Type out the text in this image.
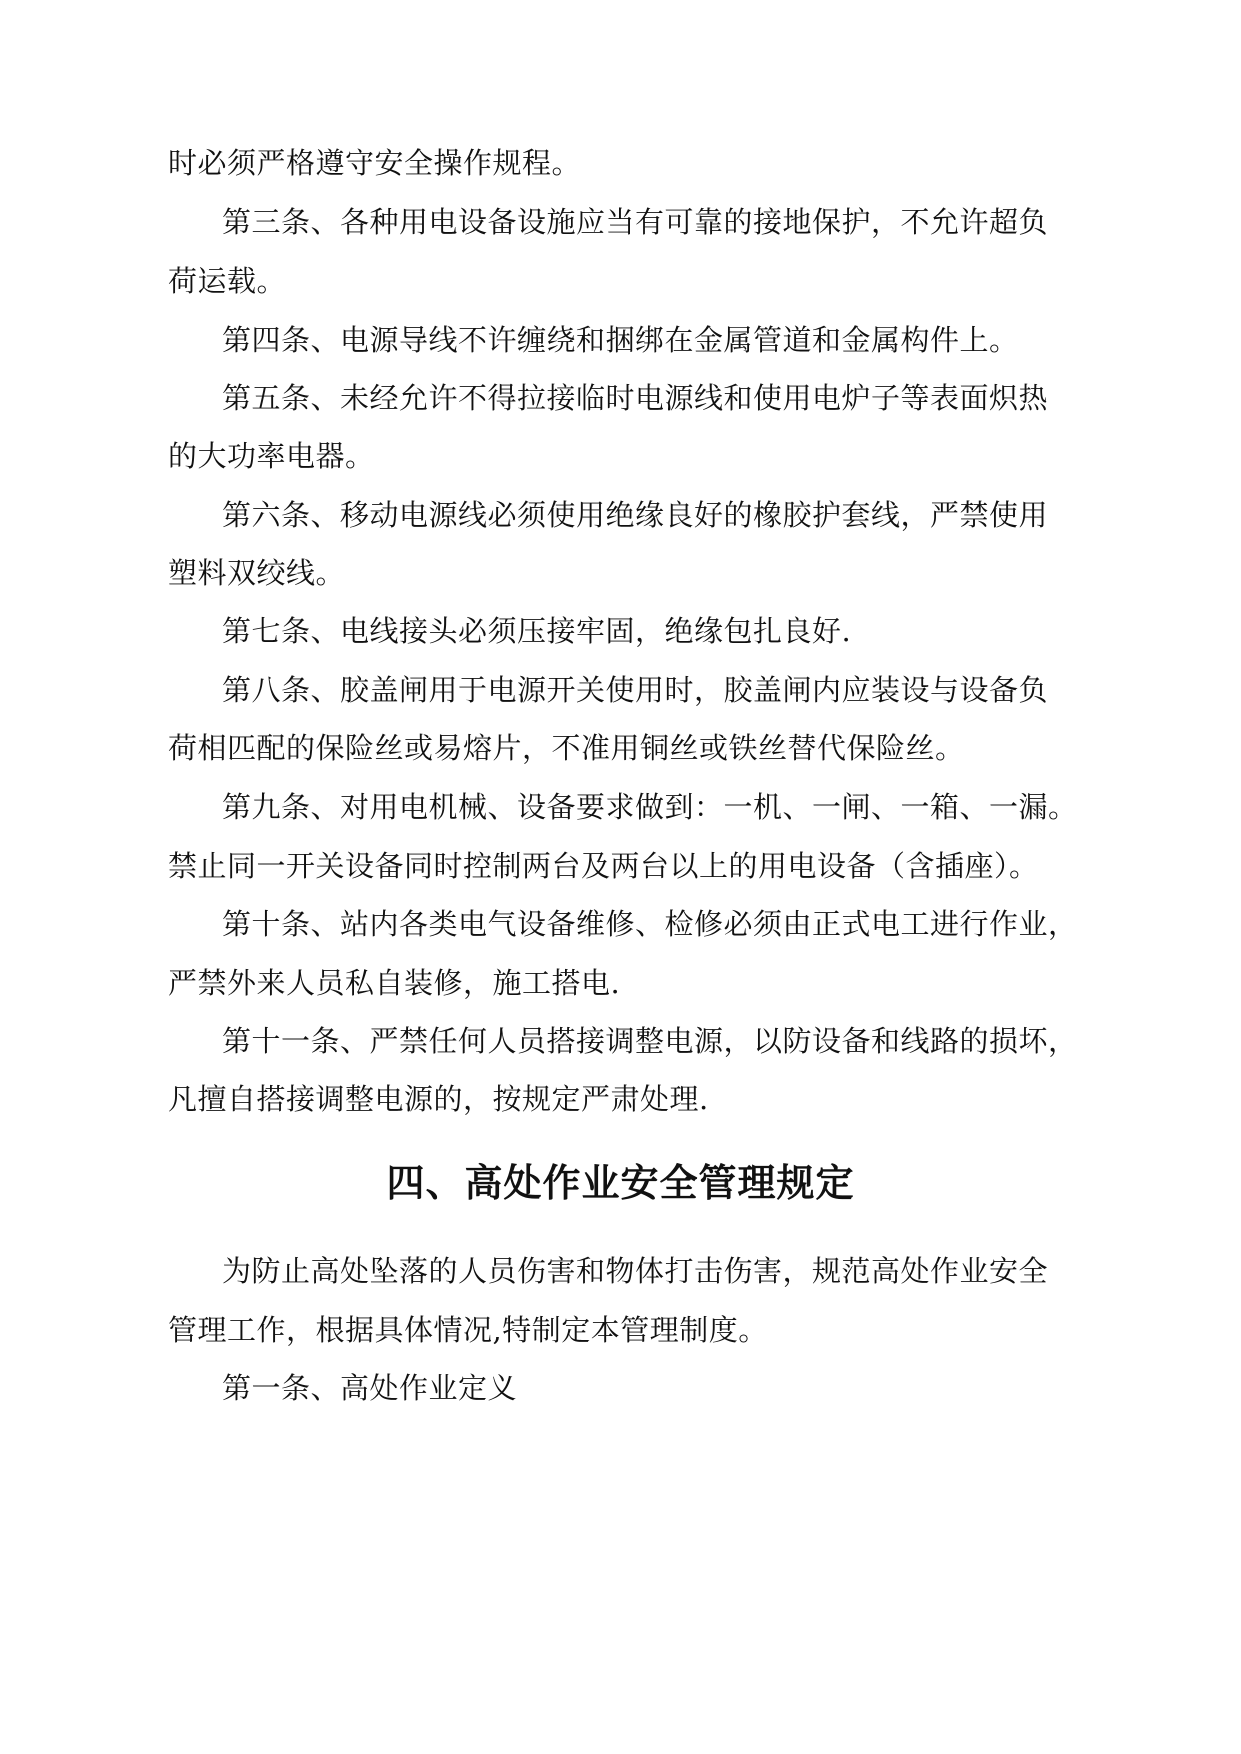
时必须严格遵守安全操作规程。
第三条、各种用电设备设施应当有可靠的接地保护，不允许超负
荷运载。
第四条、电源导线不许缠绕和捆绑在金属管道和金属构件上。
第五条、未经允许不得拉接临时电源线和使用电炉子等表面炽热
的大功率电器。
第六条、移动电源线必须使用绝缘良好的橡胶护套线，严禁使用
塑料双绞线。
第七条、电线接头必须压接牢固，绝缘包扎良好.
第八条、胶盖闸用于电源开关使用时，胶盖闸内应装设与设备负
荷相匹配的保险丝或易熔片，不准用铜丝或铁丝替代保险丝。
第九条、对用电机械、设备要求做到：一机、一闸、一箱、一漏。
禁止同一开关设备同时控制两台及两台以上的用电设备（含插座）。
第十条、站内各类电气设备维修、检修必须由正式电工进行作业，
严禁外来人员私自装修，施工搭电.
第十一条、严禁任何人员搭接调整电源，以防设备和线路的损坏，
凡擅自搭接调整电源的，按规定严肃处理.
四、高处作业安全管理规定
为防止高处坠落的人员伤害和物体打击伤害，规范高处作业安全
管理工作，根据具体情况,特制定本管理制度。
第一条、高处作业定义
